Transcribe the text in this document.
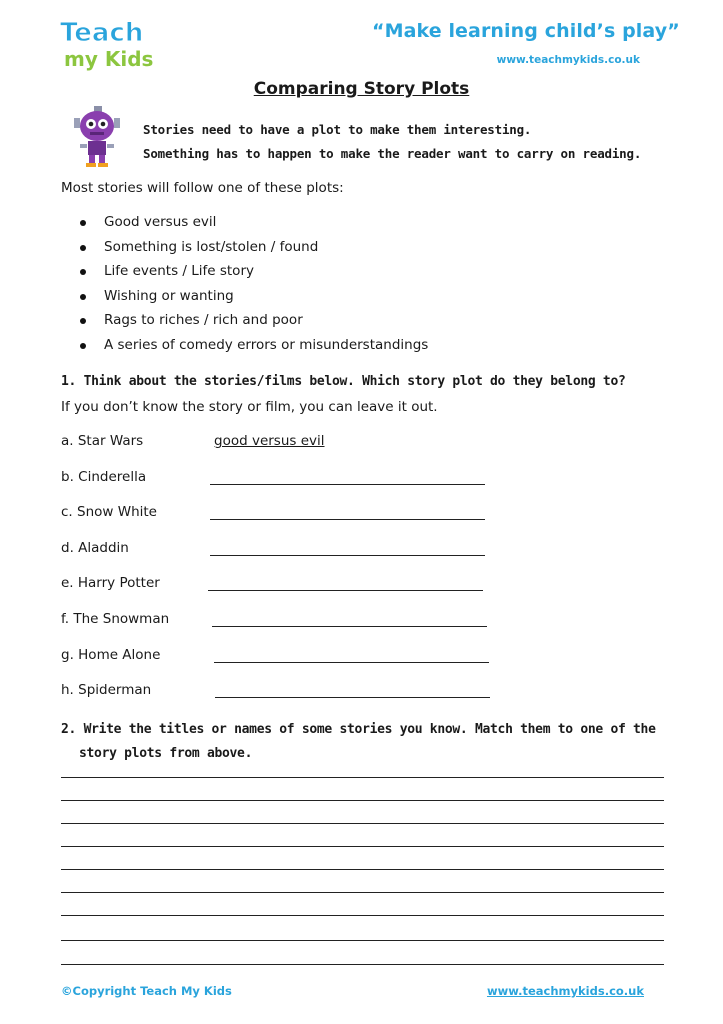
Teach
my Kids
“Make learning child’s play”
www.teachmykids.co.uk
Comparing Story Plots
Stories need to have a plot to make them interesting.
Something has to happen to make the reader want to carry on reading.
Most stories will follow one of these plots:
Good versus evil
Something is lost/stolen / found
Life events / Life story
Wishing or wanting
Rags to riches / rich and poor
A series of comedy errors or misunderstandings
1. Think about the stories/films below. Which story plot do they belong to?
If you don’t know the story or film, you can leave it out.
a. Star Wars	good versus evil
b. Cinderella
c. Snow White
d. Aladdin
e. Harry Potter
f. The Snowman
g. Home Alone
h. Spiderman
2. Write the titles or names of some stories you know. Match them to one of the
story plots from above.
©Copyright Teach My Kids	www.teachmykids.co.uk
